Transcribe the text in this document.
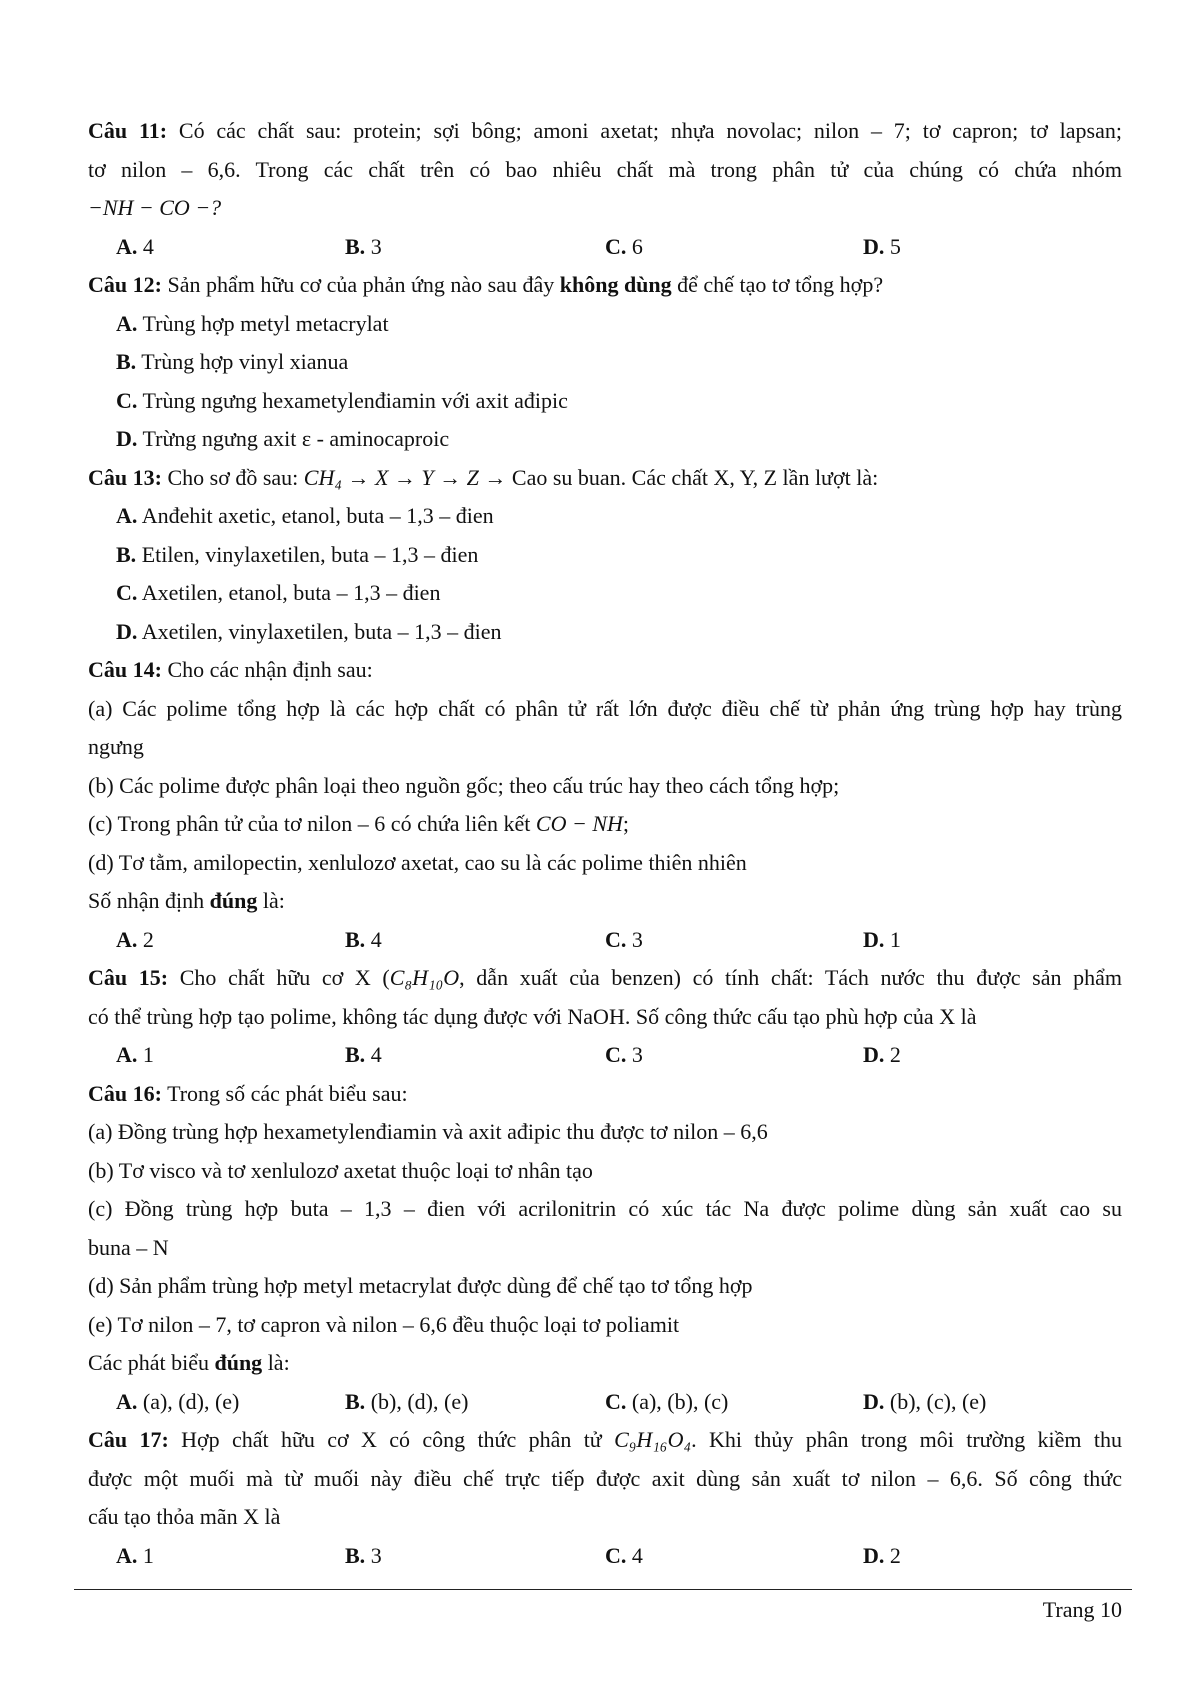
Câu 11: Có các chất sau: protein; sợi bông; amoni axetat; nhựa novolac; nilon – 7; tơ capron; tơ lapsan;
tơ nilon – 6,6. Trong các chất trên có bao nhiêu chất mà trong phân tử của chúng có chứa nhóm
−NH − CO −?
A. 4	B. 3	C. 6	D. 5
Câu 12: Sản phẩm hữu cơ của phản ứng nào sau đây không dùng để chế tạo tơ tổng hợp?
A. Trùng hợp metyl metacrylat
B. Trùng hợp vinyl xianua
C. Trùng ngưng hexametylenđiamin với axit ađipic
D. Trừng ngưng axit ε - aminocaproic
Câu 13: Cho sơ đồ sau: CH₄ → X → Y → Z → Cao su buan. Các chất X, Y, Z lần lượt là:
A. Anđehit axetic, etanol, buta – 1,3 – đien
B. Etilen, vinylaxetilen, buta – 1,3 – đien
C. Axetilen, etanol, buta – 1,3 – đien
D. Axetilen, vinylaxetilen, buta – 1,3 – đien
Câu 14: Cho các nhận định sau:
(a) Các polime tổng hợp là các hợp chất có phân tử rất lớn được điều chế từ phản ứng trùng hợp hay trùng
ngưng
(b) Các polime được phân loại theo nguồn gốc; theo cấu trúc hay theo cách tổng hợp;
(c) Trong phân tử của tơ nilon – 6 có chứa liên kết CO − NH;
(d) Tơ tằm, amilopectin, xenlulozơ axetat, cao su là các polime thiên nhiên
Số nhận định đúng là:
A. 2	B. 4	C. 3	D. 1
Câu 15: Cho chất hữu cơ X (C₈H₁₀O, dẫn xuất của benzen) có tính chất: Tách nước thu được sản phẩm
có thể trùng hợp tạo polime, không tác dụng được với NaOH. Số công thức cấu tạo phù hợp của X là
A. 1	B. 4	C. 3	D. 2
Câu 16: Trong số các phát biểu sau:
(a) Đồng trùng hợp hexametylenđiamin và axit ađipic thu được tơ nilon – 6,6
(b) Tơ visco và tơ xenlulozơ axetat thuộc loại tơ nhân tạo
(c) Đồng trùng hợp buta – 1,3 – đien với acrilonitrin có xúc tác Na được polime dùng sản xuất cao su
buna – N
(d) Sản phẩm trùng hợp metyl metacrylat được dùng để chế tạo tơ tổng hợp
(e) Tơ nilon – 7, tơ capron và nilon – 6,6 đều thuộc loại tơ poliamit
Các phát biểu đúng là:
A. (a), (d), (e)	B. (b), (d), (e)	C. (a), (b), (c)	D. (b), (c), (e)
Câu 17: Hợp chất hữu cơ X có công thức phân tử C₉H₁₆O₄. Khi thủy phân trong môi trường kiềm thu
được một muối mà từ muối này điều chế trực tiếp được axit dùng sản xuất tơ nilon – 6,6. Số công thức
cấu tạo thỏa mãn X là
A. 1	B. 3	C. 4	D. 2
Trang 10
